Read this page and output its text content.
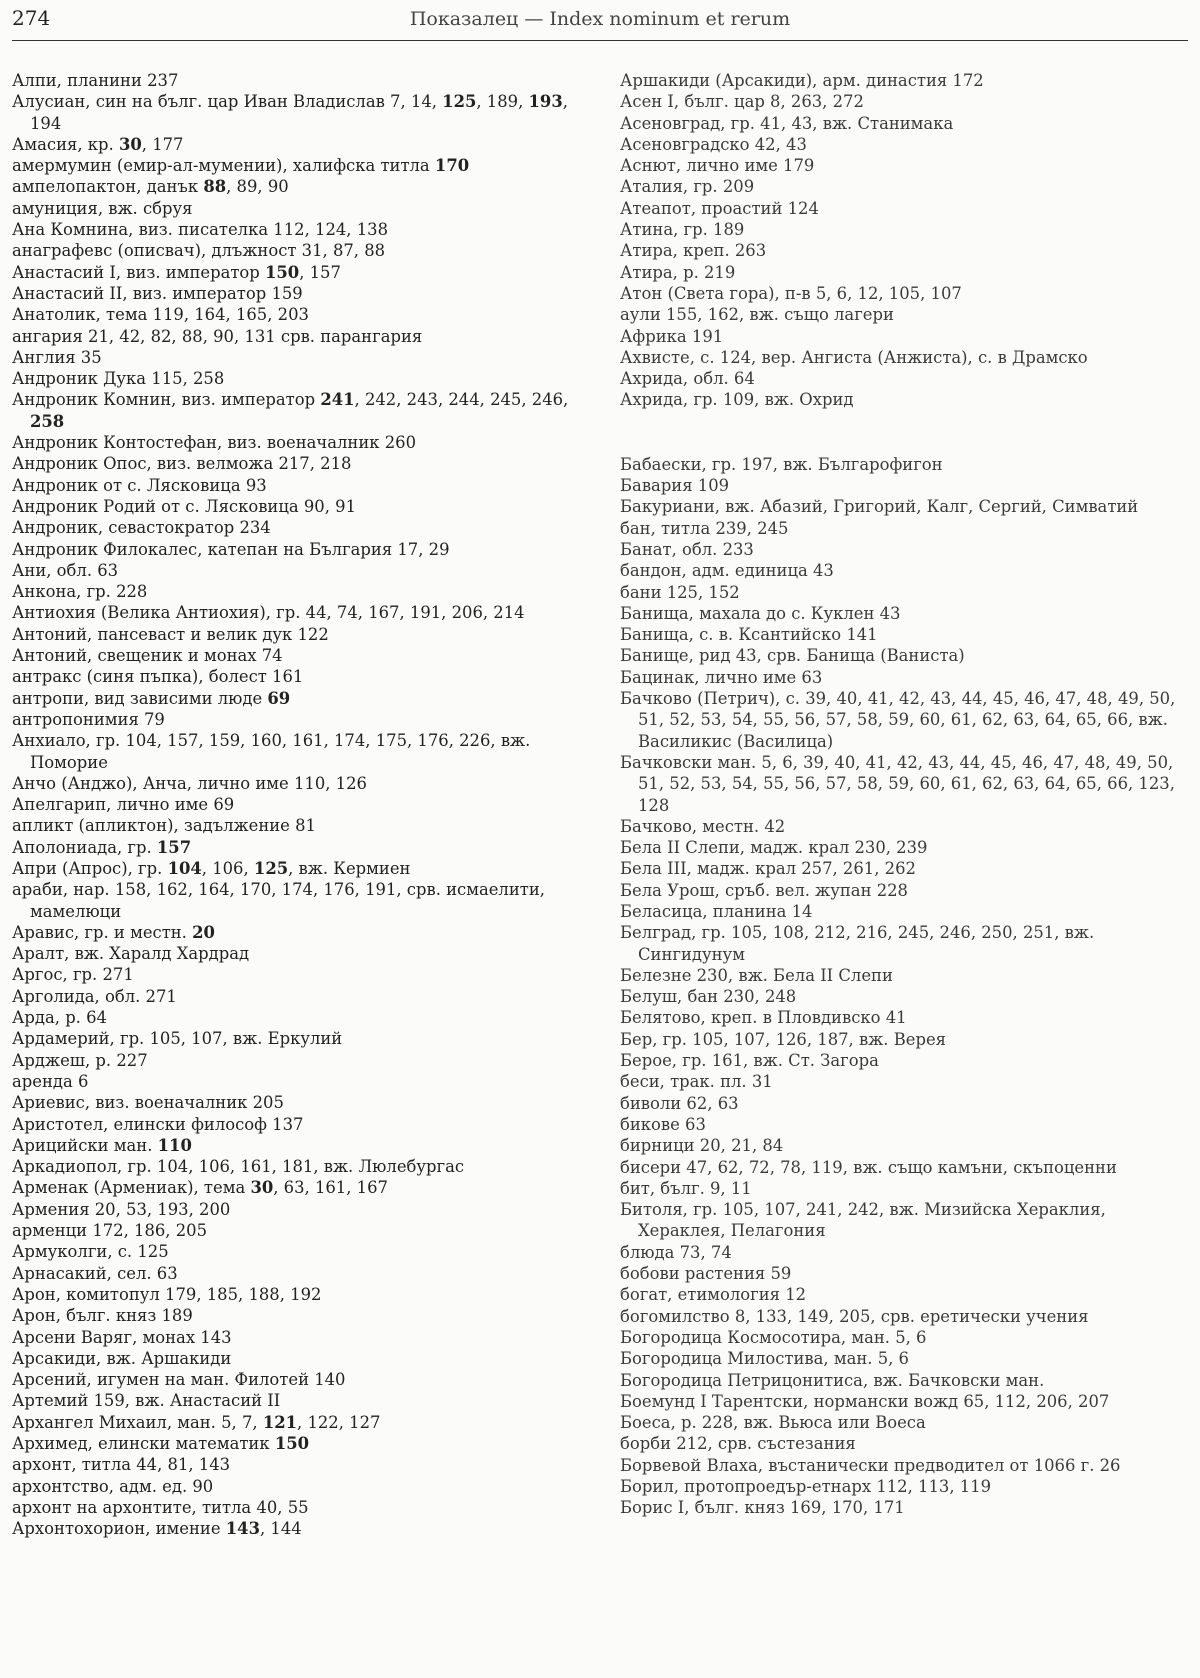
274	Показалец — Index nominum et rerum

Алпи, планини 237

Алусиан, син на бълг. цар Иван Владислав 7, 14, 125, 189, 193, 194

Амасия, кр. 30, 177

амермумин (емир-ал-мумении), халифска титла 170

ампелопактон, данък 88, 89, 90

амуниция, вж. сбруя

Ана Комнина, виз. писателка 112, 124, 138

анаграфевс (описвач), длъжност 31, 87, 88

Анастасий I, виз. император 150, 157

Анастасий II, виз. император 159

Анатолик, тема 119, 164, 165, 203

ангария 21, 42, 82, 88, 90, 131 срв. парангария

Англия 35

Андроник Дука 115, 258

Андроник Комнин, виз. император 241, 242, 243, 244, 245, 246, 258

Андроник Контостефан, виз. военачалник 260

Андроник Опос, виз. велможа 217, 218

Андроник от с. Лясковица 93

Андроник Родий от с. Лясковица 90, 91

Андроник, севастократор 234

Андроник Филокалес, катепан на България 17, 29

Ани, обл. 63

Анкона, гр. 228

Антиохия (Велика Антиохия), гр. 44, 74, 167, 191, 206, 214

Антоний, пансеваст и велик дук 122

Антоний, свещеник и монах 74

антракс (синя пъпка), болест 161

антропи, вид зависими люде 69

антропонимия 79

Анхиало, гр. 104, 157, 159, 160, 161, 174, 175, 176, 226, вж. Поморие

Анчо (Анджо), Анча, лично име 110, 126

Апелгарип, лично име 69

апликт (апликтон), задължение 81

Аполониада, гр. 157

Апри (Апрос), гр. 104, 106, 125, вж. Кермиен

араби, нар. 158, 162, 164, 170, 174, 176, 191, срв. исмаелити, мамелюци

Аравис, гр. и местн. 20

Аралт, вж. Харалд Хардрад

Аргос, гр. 271

Арголида, обл. 271

Арда, р. 64

Ардамерий, гр. 105, 107, вж. Еркулий

Арджеш, р. 227

аренда 6

Ариевис, виз. военачалник 205

Аристотел, елински философ 137

Арицийски ман. 110

Аркадиопол, гр. 104, 106, 161, 181, вж. Люлебургас

Арменак (Армениак), тема 30, 63, 161, 167

Армения 20, 53, 193, 200

арменци 172, 186, 205

Армуколги, с. 125

Арнасакий, сел. 63

Арон, комитопул 179, 185, 188, 192

Арон, бълг. княз 189

Арсени Варяг, монах 143

Арсакиди, вж. Аршакиди

Арсений, игумен на ман. Филотей 140

Артемий 159, вж. Анастасий II

Архангел Михаил, ман. 5, 7, 121, 122, 127

Архимед, елински математик 150

архонт, титла 44, 81, 143

архонтство, адм. ед. 90

архонт на архонтите, титла 40, 55

Архонтохорион, имение 143, 144

Аршакиди (Арсакиди), арм. династия 172

Асен I, бълг. цар 8, 263, 272

Асеновград, гр. 41, 43, вж. Станимака

Асеновградско 42, 43

Аснют, лично име 179

Аталия, гр. 209

Атеапот, проастий 124

Атина, гр. 189

Атира, креп. 263

Атира, р. 219

Атон (Света гора), п-в 5, 6, 12, 105, 107

аули 155, 162, вж. също лагери

Африка 191

Ахвисте, с. 124, вер. Ангиста (Анжиста), с. в Драмско

Ахрида, обл. 64

Ахрида, гр. 109, вж. Охрид

Бабаески, гр. 197, вж. Българофигон

Бавария 109

Бакуриани, вж. Абазий, Григорий, Калг, Сергий, Симватий

бан, титла 239, 245

Банат, обл. 233

бандон, адм. единица 43

бани 125, 152

Банища, махала до с. Куклен 43

Банища, с. в. Ксантийско 141

Банище, рид 43, срв. Банища (Ваниста)

Бацинак, лично име 63

Бачково (Петрич), с. 39, 40, 41, 42, 43, 44, 45, 46, 47, 48, 49, 50, 51, 52, 53, 54, 55, 56, 57, 58, 59, 60, 61, 62, 63, 64, 65, 66, вж. Василикис (Василица)

Бачковски ман. 5, 6, 39, 40, 41, 42, 43, 44, 45, 46, 47, 48, 49, 50, 51, 52, 53, 54, 55, 56, 57, 58, 59, 60, 61, 62, 63, 64, 65, 66, 123, 128

Бачково, местн. 42

Бела II Слепи, мадж. крал 230, 239

Бела III, мадж. крал 257, 261, 262

Бела Урош, сръб. вел. жупан 228

Беласица, планина 14

Белград, гр. 105, 108, 212, 216, 245, 246, 250, 251, вж. Сингидунум

Белезне 230, вж. Бела II Слепи

Белуш, бан 230, 248

Белятово, креп. в Пловдивско 41

Бер, гр. 105, 107, 126, 187, вж. Верея

Берое, гр. 161, вж. Ст. Загора

беси, трак. пл. 31

биволи 62, 63

бикове 63

бирници 20, 21, 84

бисери 47, 62, 72, 78, 119, вж. също камъни, скъпоценни

бит, бълг. 9, 11

Битоля, гр. 105, 107, 241, 242, вж. Мизийска Хераклия, Хераклея, Пелагония

блюда 73, 74

бобови растения 59

богат, етимология 12

богомилство 8, 133, 149, 205, срв. еретически учения

Богородица Космосотира, ман. 5, 6

Богородица Милостива, ман. 5, 6

Богородица Петрицонитиса, вж. Бачковски ман.

Боемунд I Тарентски, нормански вожд 65, 112, 206, 207

Боеса, р. 228, вж. Вьюса или Воеса

борби 212, срв. състезания

Борвевой Влаха, въстанически предводител от 1066 г. 26

Борил, протопроедър-етнарх 112, 113, 119

Борис I, бълг. княз 169, 170, 171
